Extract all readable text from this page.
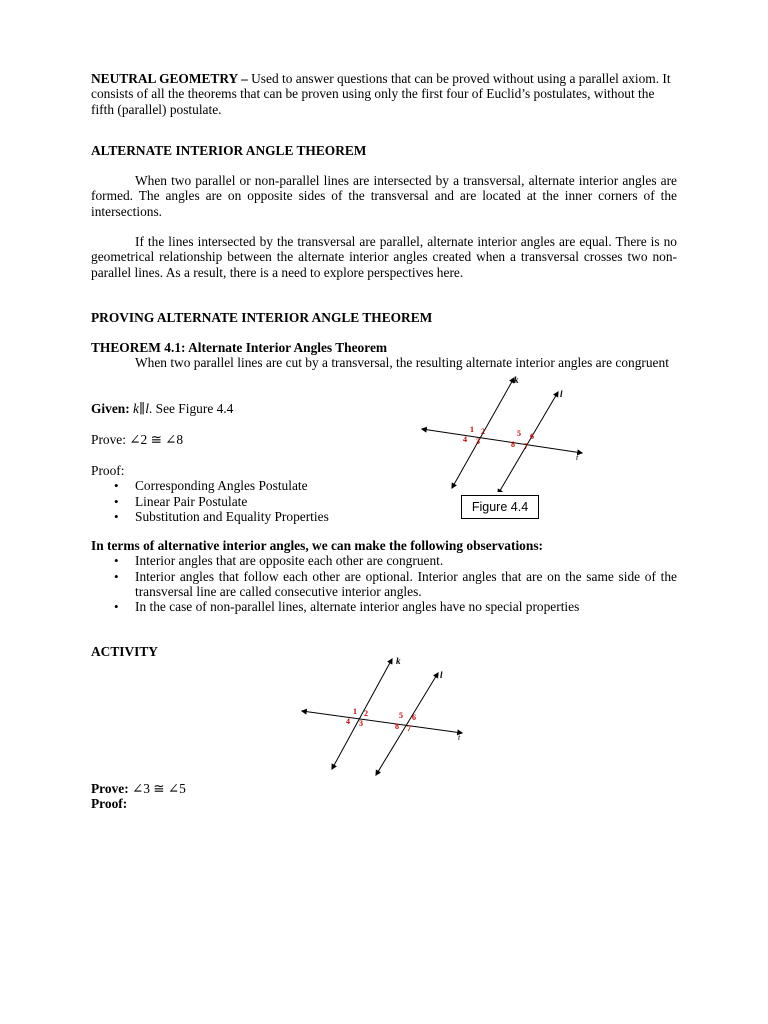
NEUTRAL GEOMETRY – Used to answer questions that can be proved without using a parallel axiom. It consists of all the theorems that can be proven using only the first four of Euclid’s postulates, without the fifth (parallel) postulate.

ALTERNATE INTERIOR ANGLE THEOREM
When two parallel or non-parallel lines are intersected by a transversal, alternate interior angles are formed. The angles are on opposite sides of the transversal and are located at the inner corners of the intersections.
If the lines intersected by the transversal are parallel, alternate interior angles are equal. There is no geometrical relationship between the alternate interior angles created when a transversal crosses two non-parallel lines. As a result, there is a need to explore perspectives here.
PROVING ALTERNATE INTERIOR ANGLE THEOREM

THEOREM 4.1: Alternate Interior Angles Theorem

When two parallel lines are cut by a transversal, the resulting alternate interior angles are congruent

Given: k∥l. See Figure 4.4

Prove: ∠2 ≅ ∠8

Proof:

• Corresponding Angles Postulate
• Linear Pair Postulate
• Substitution and Equality Properties
k
l
t
1 2
3
4
5 6
7
8
Figure 4.4

In terms of alternative interior angles, we can make the following observations:

• Interior angles that are opposite each other are congruent.
• Interior angles that follow each other are optional. Interior angles that are on the same side of the transversal line are called consecutive interior angles.
• In the case of non-parallel lines, alternate interior angles have no special properties
ACTIVITY
k
l
t
1 2
3
4
5 6
7
8

Prove: ∠3 ≅ ∠5

Proof:
